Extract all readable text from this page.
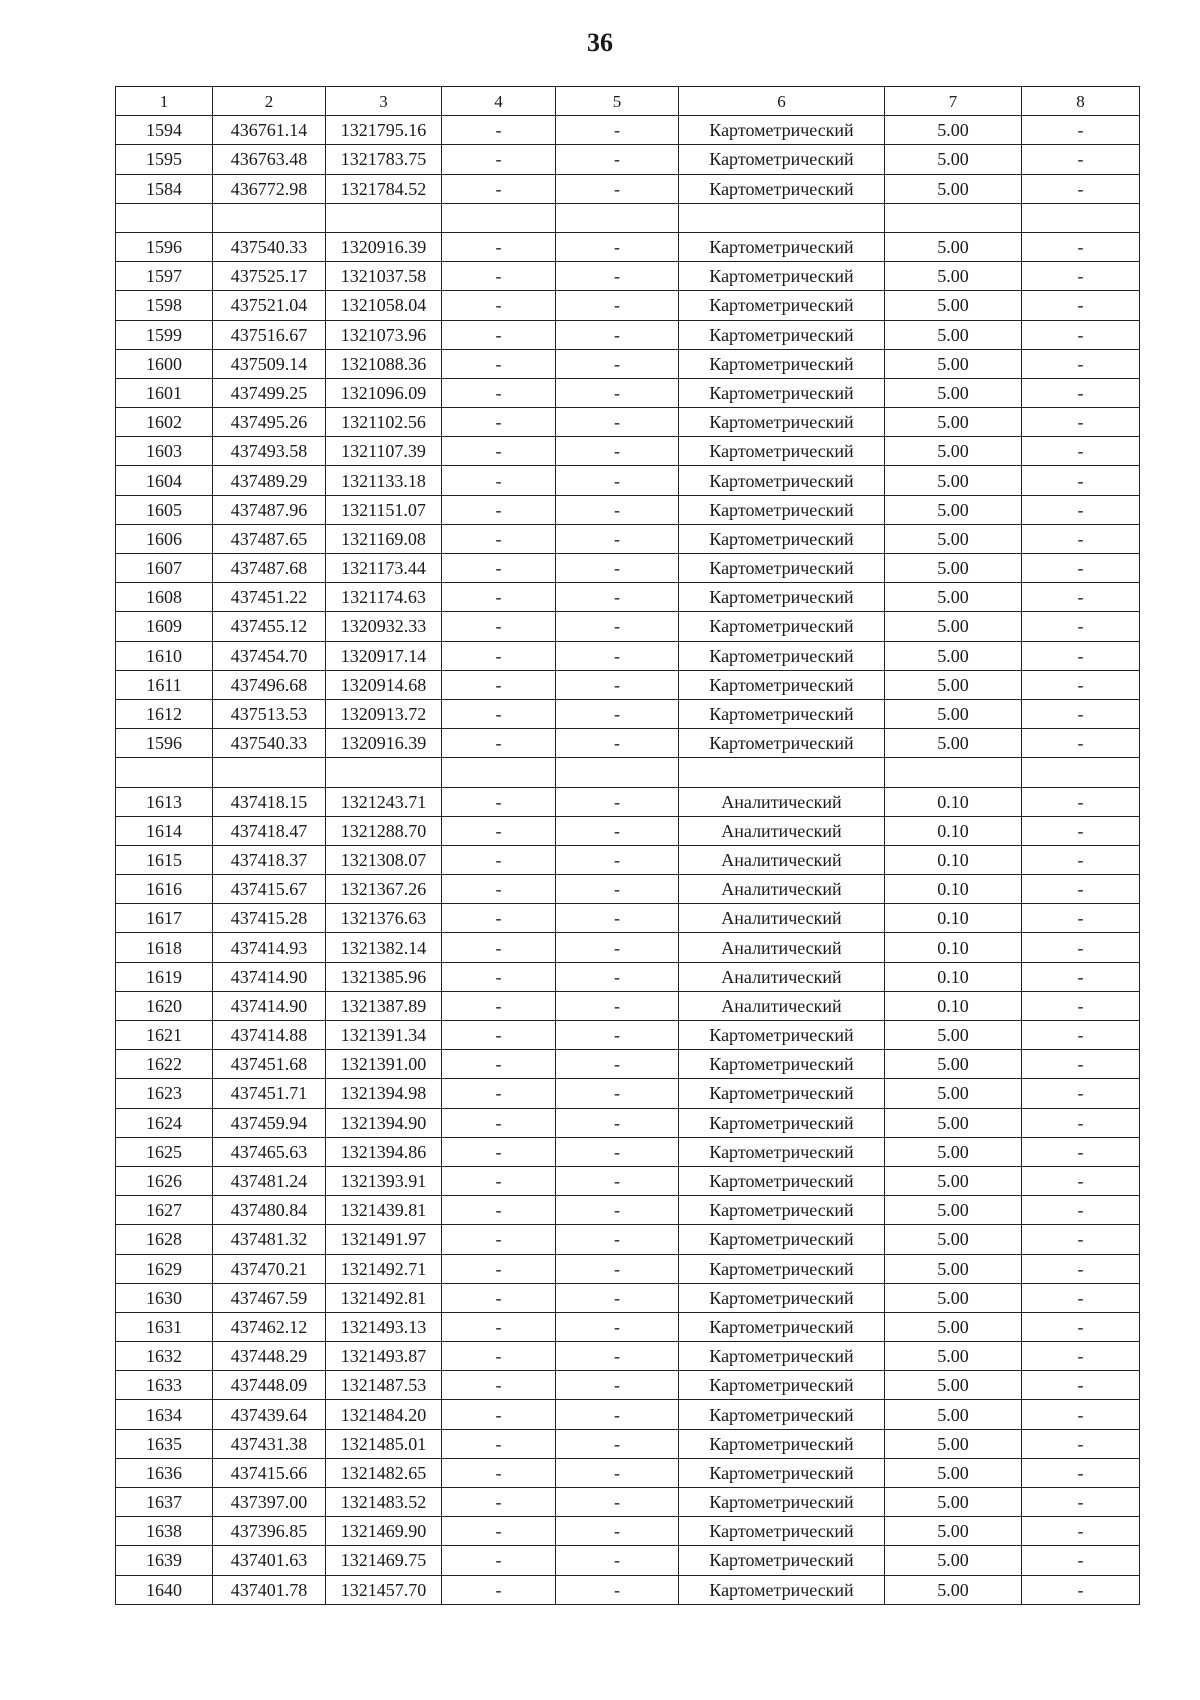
36
1	2	3	4	5	6	7	8
1594	436761.14	1321795.16	-	-	Картометрический	5.00	-
1595	436763.48	1321783.75	-	-	Картометрический	5.00	-
1584	436772.98	1321784.52	-	-	Картометрический	5.00	-

1596	437540.33	1320916.39	-	-	Картометрический	5.00	-
1597	437525.17	1321037.58	-	-	Картометрический	5.00	-
1598	437521.04	1321058.04	-	-	Картометрический	5.00	-
1599	437516.67	1321073.96	-	-	Картометрический	5.00	-
1600	437509.14	1321088.36	-	-	Картометрический	5.00	-
1601	437499.25	1321096.09	-	-	Картометрический	5.00	-
1602	437495.26	1321102.56	-	-	Картометрический	5.00	-
1603	437493.58	1321107.39	-	-	Картометрический	5.00	-
1604	437489.29	1321133.18	-	-	Картометрический	5.00	-
1605	437487.96	1321151.07	-	-	Картометрический	5.00	-
1606	437487.65	1321169.08	-	-	Картометрический	5.00	-
1607	437487.68	1321173.44	-	-	Картометрический	5.00	-
1608	437451.22	1321174.63	-	-	Картометрический	5.00	-
1609	437455.12	1320932.33	-	-	Картометрический	5.00	-
1610	437454.70	1320917.14	-	-	Картометрический	5.00	-
1611	437496.68	1320914.68	-	-	Картометрический	5.00	-
1612	437513.53	1320913.72	-	-	Картометрический	5.00	-
1596	437540.33	1320916.39	-	-	Картометрический	5.00	-

1613	437418.15	1321243.71	-	-	Аналитический	0.10	-
1614	437418.47	1321288.70	-	-	Аналитический	0.10	-
1615	437418.37	1321308.07	-	-	Аналитический	0.10	-
1616	437415.67	1321367.26	-	-	Аналитический	0.10	-
1617	437415.28	1321376.63	-	-	Аналитический	0.10	-
1618	437414.93	1321382.14	-	-	Аналитический	0.10	-
1619	437414.90	1321385.96	-	-	Аналитический	0.10	-
1620	437414.90	1321387.89	-	-	Аналитический	0.10	-
1621	437414.88	1321391.34	-	-	Картометрический	5.00	-
1622	437451.68	1321391.00	-	-	Картометрический	5.00	-
1623	437451.71	1321394.98	-	-	Картометрический	5.00	-
1624	437459.94	1321394.90	-	-	Картометрический	5.00	-
1625	437465.63	1321394.86	-	-	Картометрический	5.00	-
1626	437481.24	1321393.91	-	-	Картометрический	5.00	-
1627	437480.84	1321439.81	-	-	Картометрический	5.00	-
1628	437481.32	1321491.97	-	-	Картометрический	5.00	-
1629	437470.21	1321492.71	-	-	Картометрический	5.00	-
1630	437467.59	1321492.81	-	-	Картометрический	5.00	-
1631	437462.12	1321493.13	-	-	Картометрический	5.00	-
1632	437448.29	1321493.87	-	-	Картометрический	5.00	-
1633	437448.09	1321487.53	-	-	Картометрический	5.00	-
1634	437439.64	1321484.20	-	-	Картометрический	5.00	-
1635	437431.38	1321485.01	-	-	Картометрический	5.00	-
1636	437415.66	1321482.65	-	-	Картометрический	5.00	-
1637	437397.00	1321483.52	-	-	Картометрический	5.00	-
1638	437396.85	1321469.90	-	-	Картометрический	5.00	-
1639	437401.63	1321469.75	-	-	Картометрический	5.00	-
1640	437401.78	1321457.70	-	-	Картометрический	5.00	-
